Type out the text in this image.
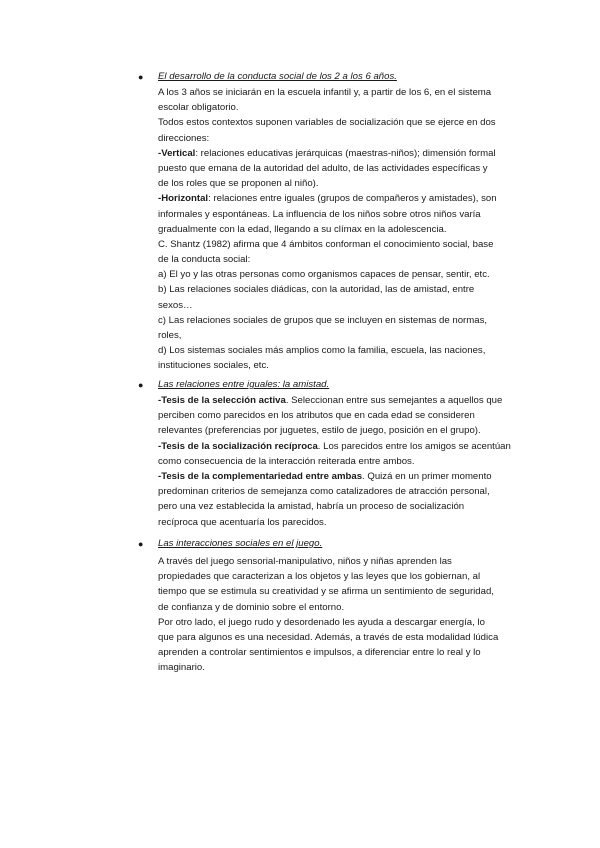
● El desarrollo de la conducta social de los 2 a los 6 años.
A los 3 años se iniciarán en la escuela infantil y, a partir de los 6, en el sistema
escolar obligatorio.
Todos estos contextos suponen variables de socialización que se ejerce en dos
direcciones:
-Vertical: relaciones educativas jerárquicas (maestras-niños); dimensión formal
puesto que emana de la autoridad del adulto, de las actividades específicas y
de los roles que se proponen al niño).
-Horizontal: relaciones entre iguales (grupos de compañeros y amistades), son
informales y espontáneas. La influencia de los niños sobre otros niños varía
gradualmente con la edad, llegando a su clímax en la adolescencia.
C. Shantz (1982) afirma que 4 ámbitos conforman el conocimiento social, base
de la conducta social:
a) El yo y las otras personas como organismos capaces de pensar, sentir, etc.
b) Las relaciones sociales diádicas, con la autoridad, las de amistad, entre
sexos…
c) Las relaciones sociales de grupos que se incluyen en sistemas de normas,
roles,
d) Los sistemas sociales más amplios como la familia, escuela, las naciones,
instituciones sociales, etc.
● Las relaciones entre iguales: la amistad.
-Tesis de la selección activa. Seleccionan entre sus semejantes a aquellos que
perciben como parecidos en los atributos que en cada edad se consideren
relevantes (preferencias por juguetes, estilo de juego, posición en el grupo).
-Tesis de la socialización recíproca. Los parecidos entre los amigos se acentúan
como consecuencia de la interacción reiterada entre ambos.
-Tesis de la complementariedad entre ambas. Quizá en un primer momento
predominan criterios de semejanza como catalizadores de atracción personal,
pero una vez establecida la amistad, habría un proceso de socialización
recíproca que acentuaría los parecidos.
● Las interacciones sociales en el juego.
A través del juego sensorial-manipulativo, niños y niñas aprenden las
propiedades que caracterizan a los objetos y las leyes que los gobiernan, al
tiempo que se estimula su creatividad y se afirma un sentimiento de seguridad,
de confianza y de dominio sobre el entorno.
Por otro lado, el juego rudo y desordenado les ayuda a descargar energía, lo
que para algunos es una necesidad. Además, a través de esta modalidad lúdica
aprenden a controlar sentimientos e impulsos, a diferenciar entre lo real y lo
imaginario.
